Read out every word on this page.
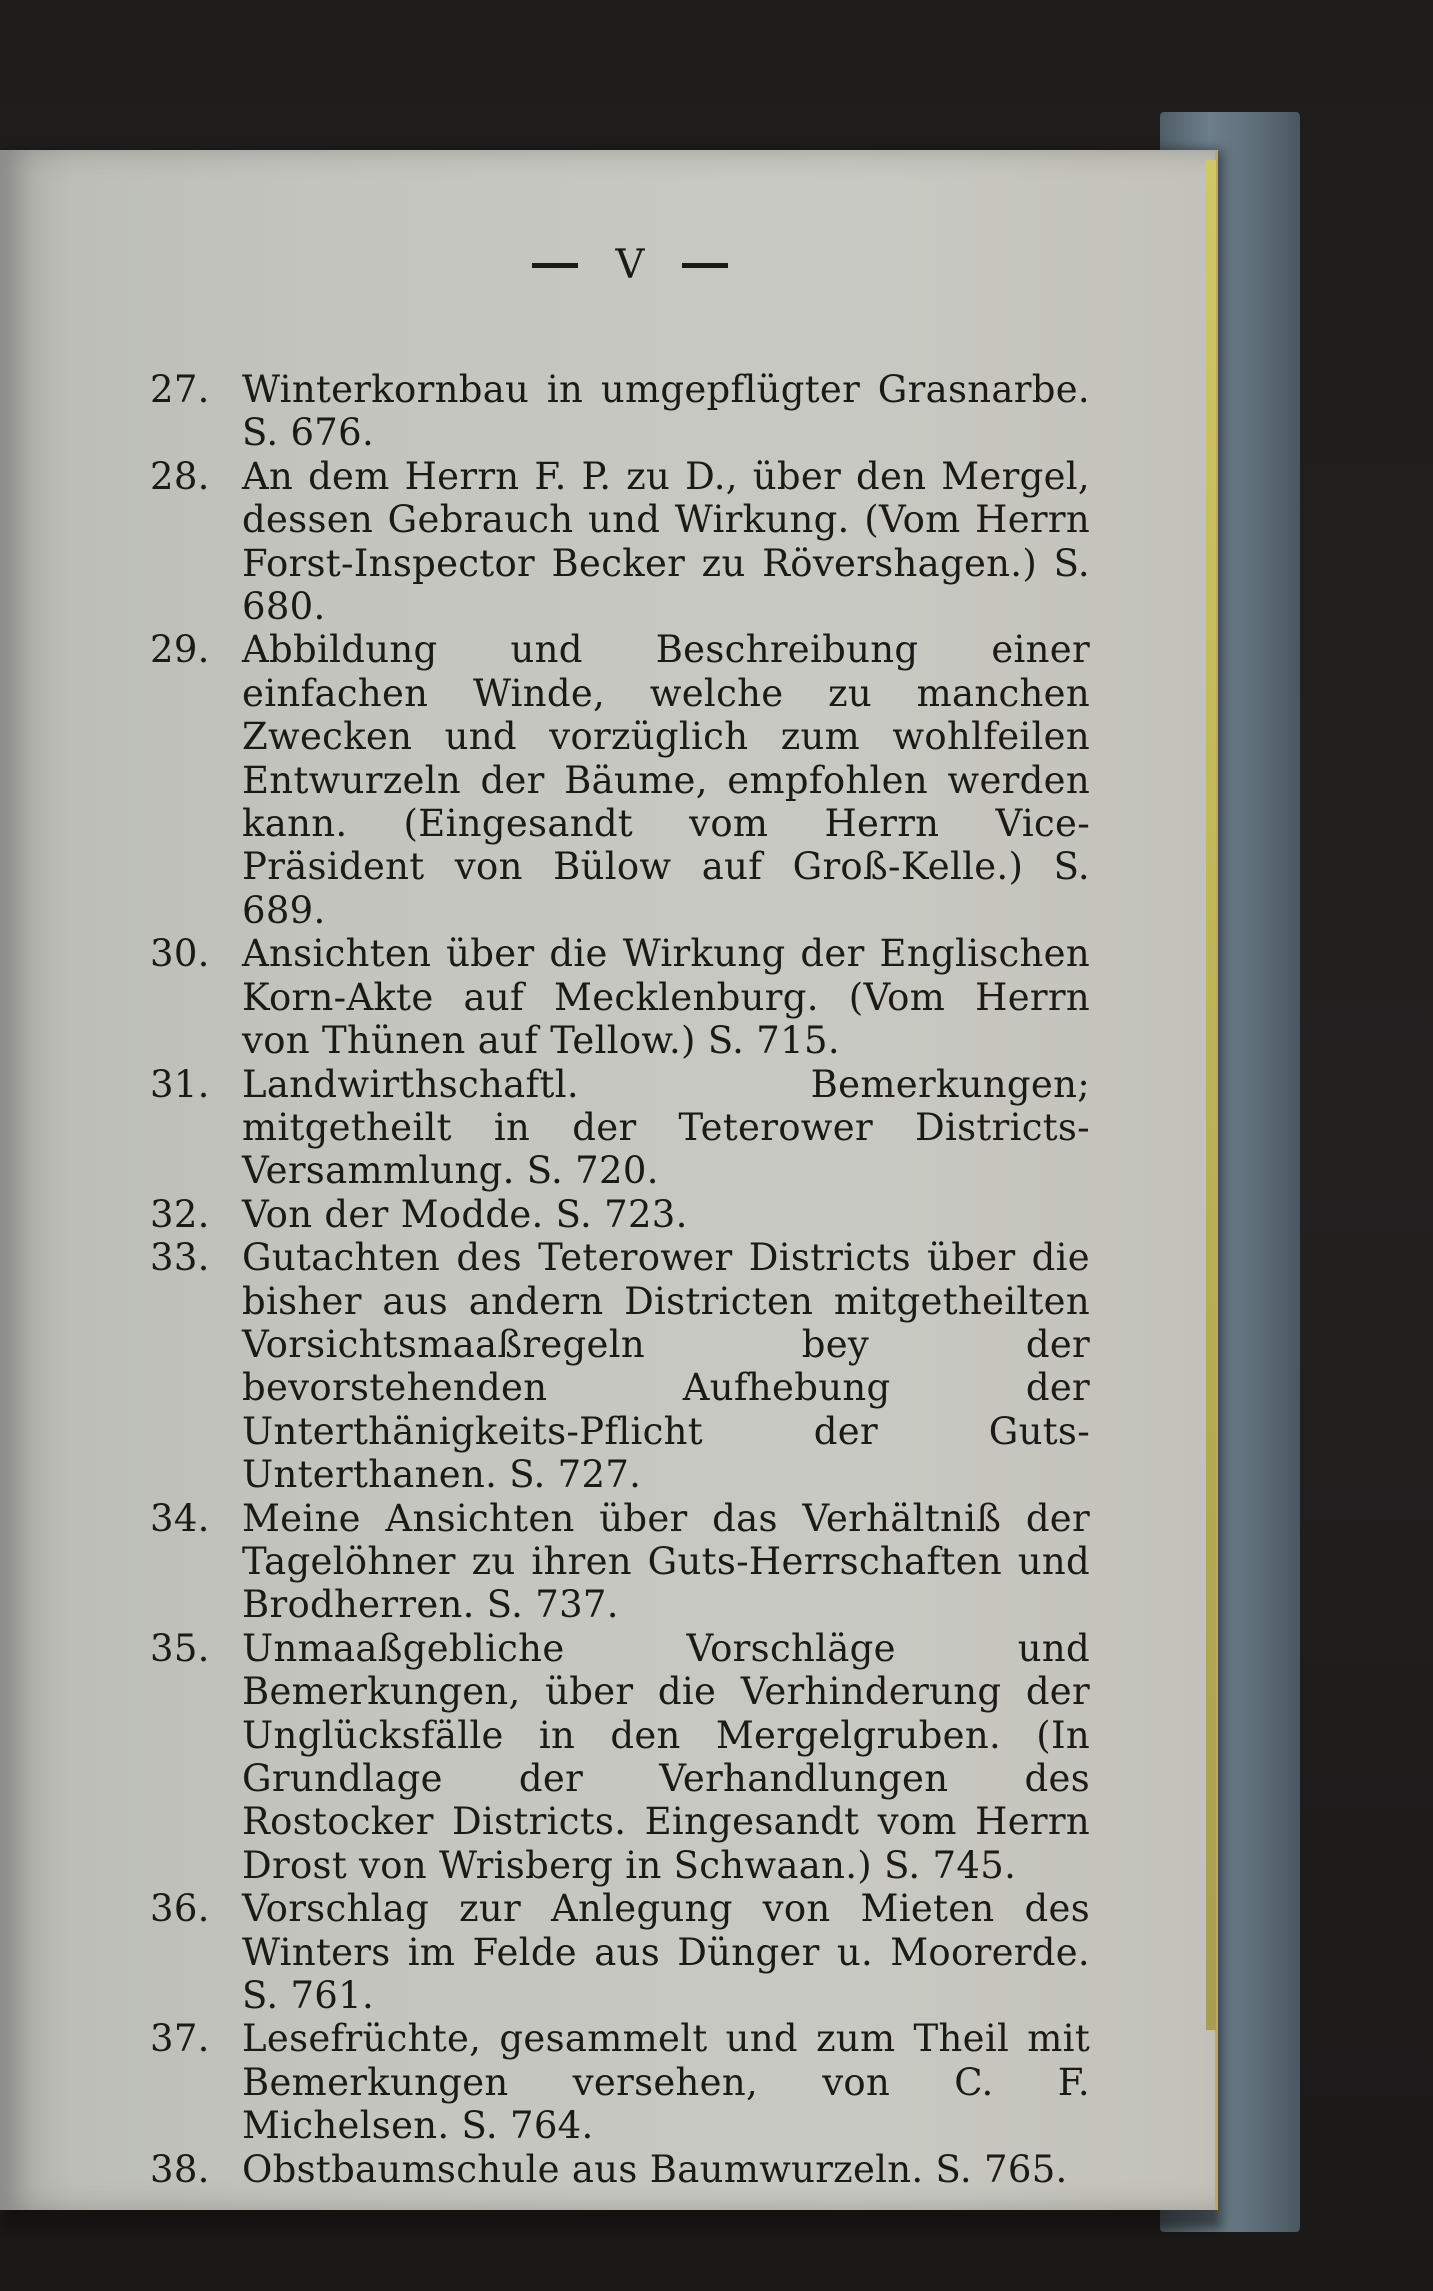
V
27. Winterkornbau in umgepflügter Grasnarbe. S. 676.
28. An dem Herrn F. P. zu D., über den Mergel, dessen Gebrauch und Wirkung. (Vom Herrn Forst-Inspector Becker zu Rövershagen.) S. 680.
29. Abbildung und Beschreibung einer einfachen Winde, welche zu manchen Zwecken und vorzüglich zum wohlfeilen Entwurzeln der Bäume, empfohlen werden kann. (Eingesandt vom Herrn Vice-Präsident von Bülow auf Groß-Kelle.) S. 689.
30. Ansichten über die Wirkung der Englischen Korn-Akte auf Mecklenburg. (Vom Herrn von Thünen auf Tellow.) S. 715.
31. Landwirthschaftl. Bemerkungen; mitgetheilt in der Teterower Districts-Versammlung. S. 720.
32. Von der Modde. S. 723.
33. Gutachten des Teterower Districts über die bisher aus andern Districten mitgetheilten Vorsichtsmaaßregeln bey der bevorstehenden Aufhebung der Unterthänigkeits-Pflicht der Guts-Unterthanen. S. 727.
34. Meine Ansichten über das Verhältniß der Tagelöhner zu ihren Guts-Herrschaften und Brodherren. S. 737.
35. Unmaaßgebliche Vorschläge und Bemerkungen, über die Verhinderung der Unglücksfälle in den Mergelgruben. (In Grundlage der Verhandlungen des Rostocker Districts. Eingesandt vom Herrn Drost von Wrisberg in Schwaan.) S. 745.
36. Vorschlag zur Anlegung von Mieten des Winters im Felde aus Dünger u. Moorerde. S. 761.
37. Lesefrüchte, gesammelt und zum Theil mit Bemerkungen versehen, von C. F. Michelsen. S. 764.
38. Obstbaumschule aus Baumwurzeln. S. 765.
